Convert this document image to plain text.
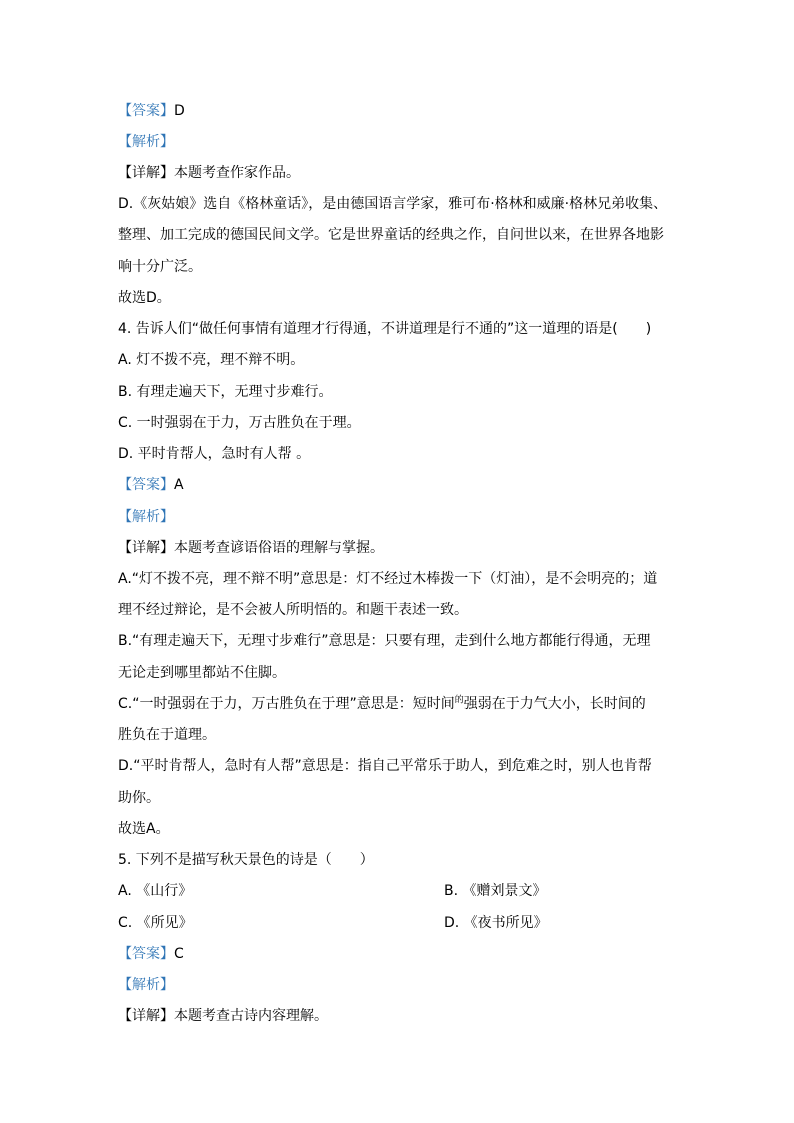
【答案】D
【解析】
【详解】本题考查作家作品。
D.《灰姑娘》选自《格林童话》，是由德国语言学家，雅可布·格林和威廉·格林兄弟收集、
整理、加工完成的德国民间文学。它是世界童话的经典之作，自问世以来，在世界各地影
响十分广泛。
故选D。
4. 告诉人们“做任何事情有道理才行得通，不讲道理是行不通的”这一道理的语是(　　)
A. 灯不拨不亮，理不辩不明。
B. 有理走遍天下，无理寸步难行。
C. 一时强弱在于力，万古胜负在于理。
D. 平时肯帮人，急时有人帮 。
【答案】A
【解析】
【详解】本题考查谚语俗语的理解与掌握。
A.“灯不拨不亮，理不辩不明”意思是：灯不经过木棒拨一下（灯油），是不会明亮的；道
理不经过辩论，是不会被人所明悟的。和题干表述一致。
B.“有理走遍天下，无理寸步难行”意思是：只要有理，走到什么地方都能行得通，无理
无论走到哪里都站不住脚。
C.“一时强弱在于力，万古胜负在于理”意思是：短时间$^的$强弱在于力气大小，长时间的
胜负在于道理。
D.“平时肯帮人，急时有人帮”意思是：指自己平常乐于助人，到危难之时，别人也肯帮
助你。
故选A。
5. 下列不是描写秋天景色的诗是（　　）
A. 《山行》	B. 《赠刘景文》
C. 《所见》	D. 《夜书所见》
【答案】C
【解析】
【详解】本题考查古诗内容理解。
